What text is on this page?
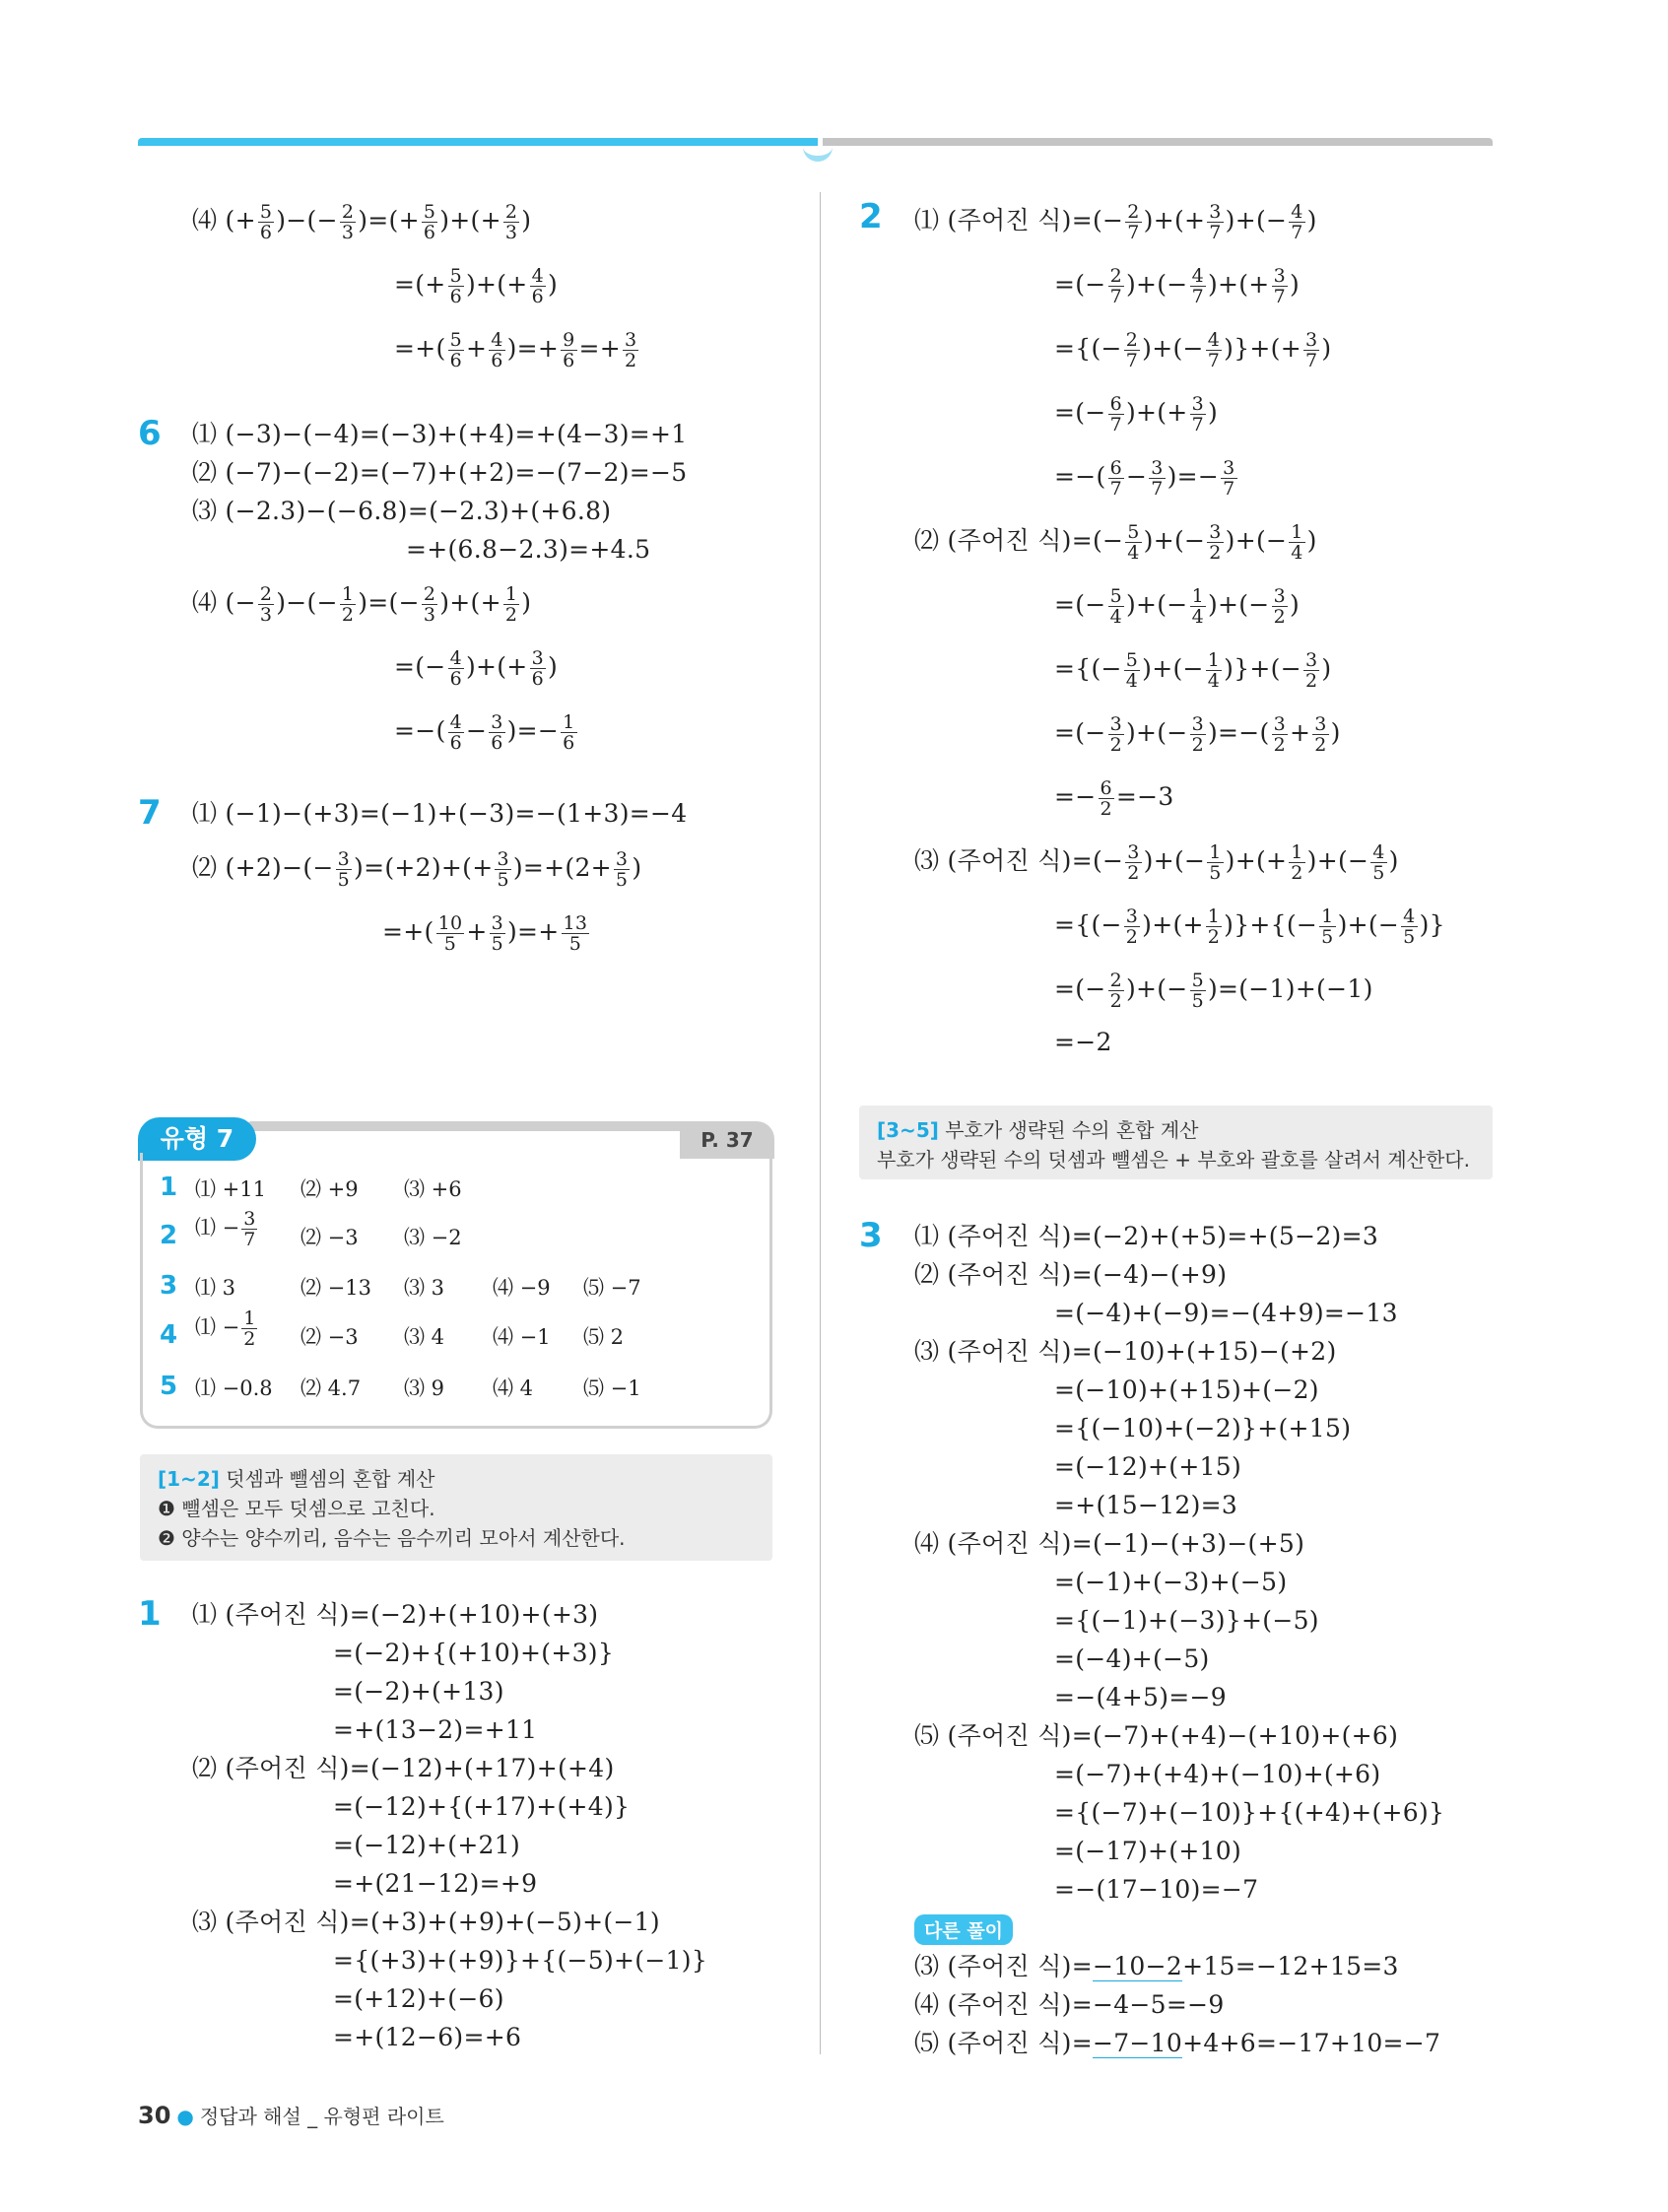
⑷ (+ $\frac{5}{6}$ )−(− $\frac{2}{3}$ )=(+ $\frac{5}{6}$ )+(+ $\frac{2}{3}$ )
=(+ $\frac{5}{6}$ )+(+ $\frac{4}{6}$ )
=+( $\frac{5}{6} + \frac{4}{6}$ )=+ $\frac{9}{6} =+ \frac{3}{2}$
6 ⑴ (−3)−(−4)=(−3)+(+4)=+(4−3)=+1
⑵ (−7)−(−2)=(−7)+(+2)=−(7−2)=−5
⑶ (−2.3)−(−6.8)=(−2.3)+(+6.8)
=+(6.8−2.3)=+4.5
⑷ (− $\frac{2}{3}$ )−(− $\frac{1}{2}$ )=(− $\frac{2}{3}$ )+(+ $\frac{1}{2}$ )
=(− $\frac{4}{6}$ )+(+ $\frac{3}{6}$ )
=−( $\frac{4}{6} - \frac{3}{6}$ )=− $\frac{1}{6}$
7 ⑴ (−1)−(+3)=(−1)+(−3)=−(1+3)=−4
⑵ $(+2)-(- \frac{3}{5} )=(+2)+(+ \frac{3}{5} )=+(2+ \frac{3}{5}$ )
=+( $\frac{10}{5} + \frac{3}{5}$ )=+ $\frac{13}{5}$
P. 37
유형 7
1 ⑴ +11 ⑵ +9 ⑶ +6
2 ⑴ − $\frac{3}{7}$ ⑵ −3 ⑶ −2
3 ⑴ 3	⑵ −13 ⑶ 3 ⑷ −9 ⑸ −7
4 ⑴ − $\frac{1}{2}$ ⑵ −3 ⑶ 4 ⑷ −1 ⑸ 2
5 ⑴ −0.8 ⑵ 4.7 ⑶ 9 ⑷ 4 ⑸ −1
[1~2] 덧셈과 뺄셈의 혼합 계산
❶ 뺄셈은 모두 덧셈으로 고친다.
❷ 양수는 양수끼리, 음수는 음수끼리 모아서 계산한다.
1 ⑴ (주어진 식)=(−2)+(+10)+(+3)
=(−2)+{(+10)+(+3)}
=(−2)+(+13)
=+(13−2)=+11
⑵ (주어진 식)=(−12)+(+17)+(+4)
=(−12)+{(+17)+(+4)}
=(−12)+(+21)
=+(21−12)=+9
⑶ (주어진 식)=(+3)+(+9)+(−5)+(−1)
={(+3)+(+9)}+{(−5)+(−1)}
=(+12)+(−6)
=+(12−6)=+6
2 ⑴ (주어진 식)=(− $\frac{2}{7}$ )+(+ $\frac{3}{7}$ )+(− $\frac{4}{7}$ )
=(− $\frac{2}{7}$ )+(− $\frac{4}{7}$ )+(+ $\frac{3}{7}$ )
={(− $\frac{2}{7}$ )+(− $\frac{4}{7}$ )}+(+ $\frac{3}{7}$ )
=(− $\frac{6}{7}$ )+(+ $\frac{3}{7}$ )
=−( $\frac{6}{7} - \frac{3}{7}$ )=− $\frac{3}{7}$
⑵ (주어진 식)=(− $\frac{5}{4}$ )+(− $\frac{3}{2}$ )+(− $\frac{1}{4}$ )
=(− $\frac{5}{4}$ )+(− $\frac{1}{4}$ )+(− $\frac{3}{2}$ )
={(− $\frac{5}{4}$ )+(− $\frac{1}{4}$ )}+(− $\frac{3}{2}$ )
=(− $\frac{3}{2}$ )+(− $\frac{3}{2}$ )=−( $\frac{3}{2} + \frac{3}{2}$ )
=− $\frac{6}{2} =-3$
⑶ (주어진 식)=(− $\frac{3}{2}$ )+(− $\frac{1}{5}$ )+(+ $\frac{1}{2}$ )+(− $\frac{4}{5}$ )
={(− $\frac{3}{2}$ )+(+ $\frac{1}{2}$ )}+{(− $\frac{1}{5}$ )+(− $\frac{4}{5}$ )}
=(− $\frac{2}{2}$ )+(− $\frac{5}{5} )=(-1)+(-1)$
=−2
[3~5] 부호가 생략된 수의 혼합 계산
부호가 생략된 수의 덧셈과 뺄셈은 + 부호와 괄호를 살려서 계산한다.
3 ⑴ (주어진 식)=(−2)+(+5)=+(5−2)=3
⑵ (주어진 식)=(−4)−(+9)
=(−4)+(−9)=−(4+9)=−13
⑶ (주어진 식)=(−10)+(+15)−(+2)
=(−10)+(+15)+(−2)
={(−10)+(−2)}+(+15)
=(−12)+(+15)
=+(15−12)=3
⑷ (주어진 식)=(−1)−(+3)−(+5)
=(−1)+(−3)+(−5)
={(−1)+(−3)}+(−5)
=(−4)+(−5)
=−(4+5)=−9
⑸ (주어진 식)=(−7)+(+4)−(+10)+(+6)
=(−7)+(+4)+(−10)+(+6)
={(−7)+(−10)}+{(+4)+(+6)}
=(−17)+(+10)
=−(17−10)=−7
다른 풀이
⑶ (주어진 식)=−10−2+15=−12+15=3
⑷ (주어진 식)=−4−5=−9
⑸ (주어진 식)=−7−10+4+6=−17+10=−7
30 ● 정답과 해설 _ 유형편 라이트
